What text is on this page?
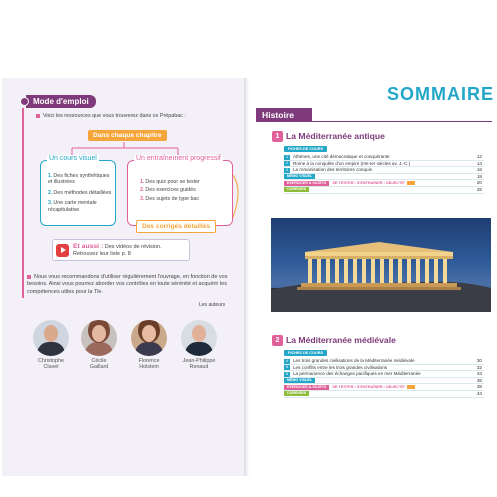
Mode d'emploi
Voici les ressources que vous trouverez dans ce Prépabac :
Dans chaque chapitre
Un cours visuel
1.Des fiches synthétiques et illustrées
2.Des méthodes détaillées
3.Une carte mentale récapitulative
Un entraînement progressif
1.Des quiz pour se tester
2.Des exercices guidés
3.Des sujets de type bac
Des corrigés détaillés
Et aussi : Des vidéos de révision.
Retrouvez leur liste p. 8
Nous vous recommandons d'utiliser régulièrement l'ouvrage, en fonction de vos besoins. Ainsi vous pourrez aborder vos contrôles en toute sérénité et acquérir les compétences utiles pour la Tle.
Les auteurs
Christophe
Clavel
Cécile
Gaillard
Florence
Holstein
Jean-Philippe
Renaud
SOMMAIRE
Histoire
1 La Méditerranée antique
FICHES DE COURS
1 Athènes, une cité démocratique et conquérante	12
2 Rome à la conquête d'un empire (IIIe-Ier siècles av. J.-C.)	14
3 La romanisation des territoires conquis	16
MÉMO VISUEL	18
EXERCICES & SUJETS SE TESTER • S'ENTRAÎNER • OBJECTIF	20
CORRIGÉS	25
2 La Méditerranée médiévale
FICHES DE COURS
4 Les trois grandes civilisations de la Méditerranée médiévale	30
5 Les conflits entre les trois grandes civilisations	32
6 La permanence des échanges pacifiques en mer Méditerranée	34
MÉMO VISUEL	36
EXERCICES & SUJETS SE TESTER • S'ENTRAÎNER • OBJECTIF	38
CORRIGÉS	43
